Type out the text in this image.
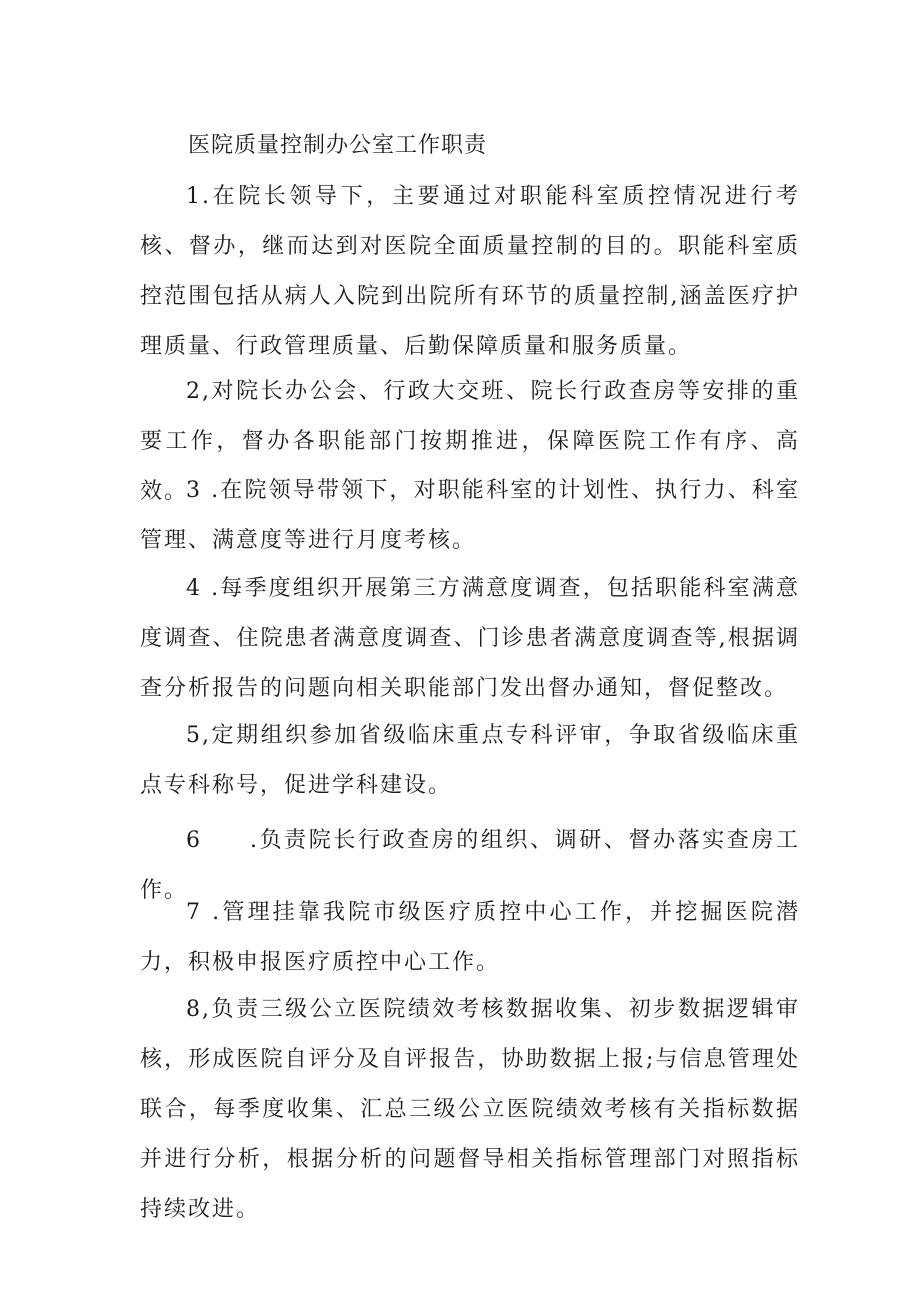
医院质量控制办公室工作职责

1.在院长领导下，主要通过对职能科室质控情况进行考核、督办，继而达到对医院全面质量控制的目的。职能科室质控范围包括从病人入院到出院所有环节的质量控制,涵盖医疗护理质量、行政管理质量、后勤保障质量和服务质量。

2,对院长办公会、行政大交班、院长行政查房等安排的重要工作，督办各职能部门按期推进，保障医院工作有序、高效。

3 .在院领导带领下，对职能科室的计划性、执行力、科室管理、满意度等进行月度考核。

4 .每季度组织开展第三方满意度调查，包括职能科室满意度调查、住院患者满意度调查、门诊患者满意度调查等,根据调查分析报告的问题向相关职能部门发出督办通知，督促整改。

5,定期组织参加省级临床重点专科评审，争取省级临床重点专科称号，促进学科建设。

6  .负责院长行政查房的组织、调研、督办落实查房工作。

7 .管理挂靠我院市级医疗质控中心工作，并挖掘医院潜力，积极申报医疗质控中心工作。

8,负责三级公立医院绩效考核数据收集、初步数据逻辑审核，形成医院自评分及自评报告，协助数据上报;与信息管理处联合，每季度收集、汇总三级公立医院绩效考核有关指标数据并进行分析，根据分析的问题督导相关指标管理部门对照指标持续改进。
